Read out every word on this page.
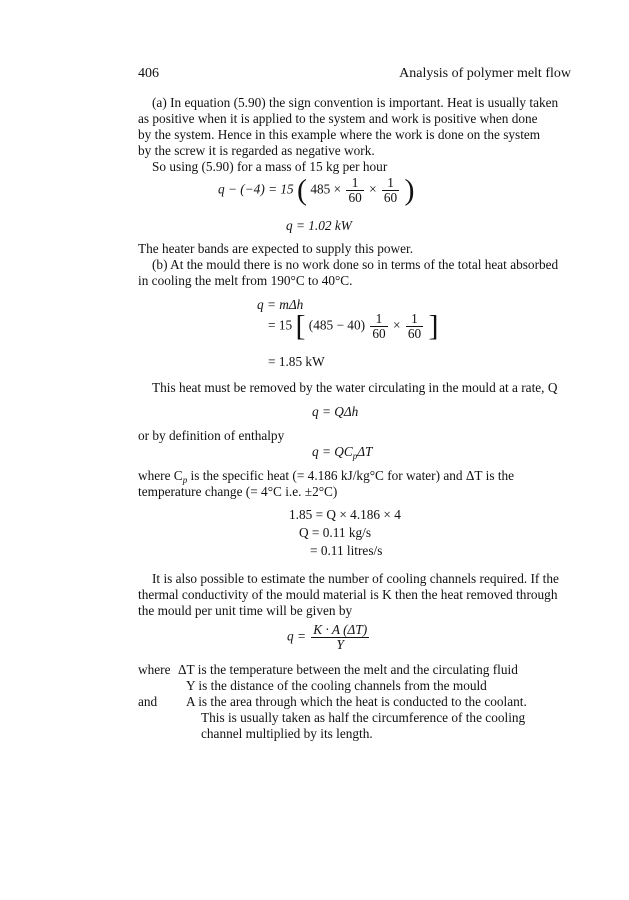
406	Analysis of polymer melt flow
(a) In equation (5.90) the sign convention is important. Heat is usually taken
as positive when it is applied to the system and work is positive when done
by the system. Hence in this example where the work is done on the system
by the screw it is regarded as negative work.
So using (5.90) for a mass of 15 kg per hour
q − (−4) = 15 ( $485 \times \frac{1}{60} \times \frac{1}{60}$ )
q = 1.02 kW
The heater bands are expected to supply this power.
(b) At the mould there is no work done so in terms of the total heat absorbed
in cooling the melt from 190°C to 40°C.
q = mΔh
= 15 [ $(485 - 40) \frac{1}{60} \times \frac{1}{60}$ ]
= 1.85 kW
This heat must be removed by the water circulating in the mould at a rate, Q
q = QΔh
or by definition of enthalpy
$q = QC_p\Delta T$
where $C_p$ is the specific heat (= 4.186 kJ/kg°C for water) and ΔT is the
temperature change (= 4°C i.e. ±2°C)
1.85 = Q × 4.186 × 4
Q = 0.11 kg/s
= 0.11 litres/s
It is also possible to estimate the number of cooling channels required. If the
thermal conductivity of the mould material is K then the heat removed through
the mould per unit time will be given by
$q = \frac{K \cdot A (\Delta T)}{Y}$
where ΔT is the temperature between the melt and the circulating fluid
Y is the distance of the cooling channels from the mould
and A is the area through which the heat is conducted to the coolant.
This is usually taken as half the circumference of the cooling
channel multiplied by its length.
